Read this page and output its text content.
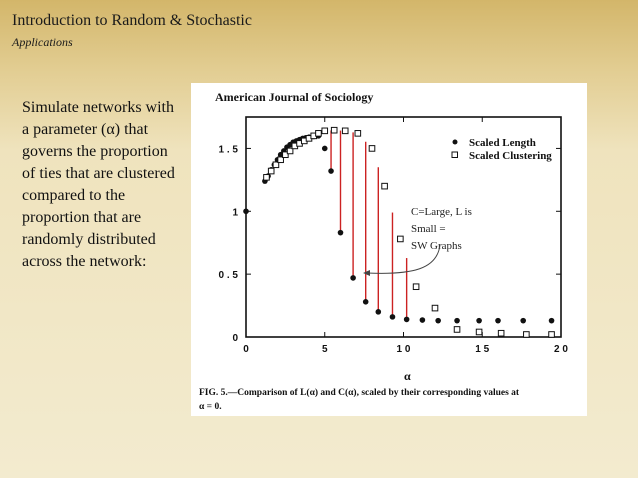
Introduction to Random & Stochastic
Applications
Simulate networks with a parameter (α) that governs the proportion of ties that are clustered compared to the proportion that are randomly distributed across the network:
American Journal of Sociology
0	5	1 0	1 5	2 0
0
0 . 5
1
1 . 5
Scaled Length
Scaled Clustering
C=Large, L is
Small =
SW Graphs
α
FIG. 5.—Comparison of L(α) and C(α), scaled by their corresponding values at
α = 0.
